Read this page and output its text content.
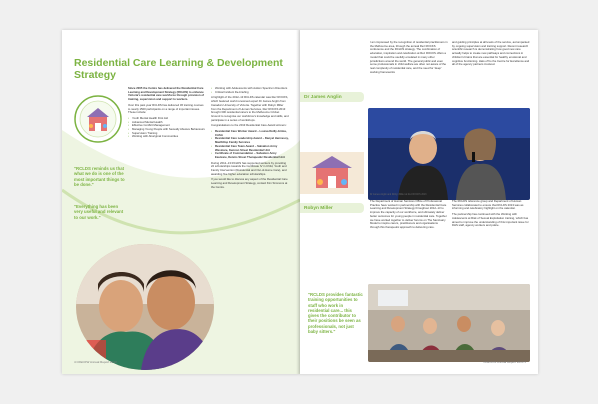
Residential Care Learning & Development Strategy
Since 2005 the Centre has delivered the Residential Care Learning and Development Strategy (RCLDS) to enhance Victoria's residential care workforce through provision of training, supervision and support to workers.
Over this past year RCLDS has delivered 36 training courses to nearly 1500 participants on a range of important issues. These include:
• Youth Mental Health First Aid
• Advanced Mental Health
• Effective Conflict Management
• Managing Young People with Sexually Abusive Behaviours
• Supervision Training
• Working with Aboriginal Communities
• Working with Adolescents with Autism Spectrum Disorders
• Critical Incident De-briefing
A highlight of the 2012–13 RCLDS calendar was Rez ROCKS, which featured world renowned expert Dr James Anglin from Canada's University of Victoria. Together with Robyn Miller from the Department of Human Services, Rez ROCKS 2013 brought 300 residential carers to the Melbourne Cricket Ground to recognise our workforce's knowledge and skills, and participate in a series of workshops.
Congratulations to the 2013 Residential Care Award winners:
• Residential Care Worker Award – Louisa Reilly-Grima, CASA
• Residential Care Leadership Award – Danyel Hennessy, MacKillop Family Services
• Residential Care Team Award – Salvation Army Westcare, Kennon Street Residential Unit
• Certificate of Commendation – Salvation Army Eastcare, Dennis Street Therapeutic Residential Unit
During 2012–13 RCLDS has supported workers by providing 22 scholarships towards the Certificate IV in Child, Youth and Family Intervention (Residential and Out-of-Home Care), and awarding five higher education scholarships.
If you would like to discuss any aspect of the Residential Care Learning and Development Strategy, contact Kim Simmons at the Centre.
"RCLDS reminds us that what we do is one of the most important things to be done."
"Everything has been very useful and relevant to our work."
4 CFECFW Annual Report 2013
I am impressed by the recognition of residential practitioners in the Melbourne area, through the annual Rez ROCKS conference and the RCLDS strategy. The combination of education, inspiration and celebration at Rez ROCKS offers a model that could be usefully emulated in many other jurisdictions around the world. The general public and even some professionals in child welfare are often not aware of the real complexity of residential care, and the need for 'deep' working frameworks
and guiding principles at all levels of the service, accompanied by ongoing supervision and training support. Recent research scientific research is demonstrating how good new care actually helps to create new pathways and connections in children's brains that are essential for healthy emotional and cognitive functioning. Hats off to the Centre for Excellence and all of the agency partners involved.
Dr James Anglin
Dr James Anglin and Robyn Miller at Rez ROCKS 2013
Robyn Miller
The Department of Human Services Office of Professional Practice have worked in partnership with the Residential Care Learning and Development Strategy throughout 2012–13 to improve the capacity of our workforce, and ultimately deliver better outcomes for young people in residential care. Together we have worked together to deliver forums on The Sanctuary Model to inspire carers, practitioners and organisations through this therapeutic approach to delivering care.
The RCLDS reference group and Department of Human Services collaborated to ensure that RCLDS 2013 was as informing and celebratory highlight on the calendar.
The partnership has continued with the Working with Adolescents at Risk of Sexual Exploitation training, which has aimed to improve the understanding of this important issue for DHS staff, agency workers and police.
"RCLDS provides fantastic training opportunities to staff who work in residential care... this gives the contributor to their positions be seen as professionals, not just baby sitters."
CFECFW Annual Report 2013 5
